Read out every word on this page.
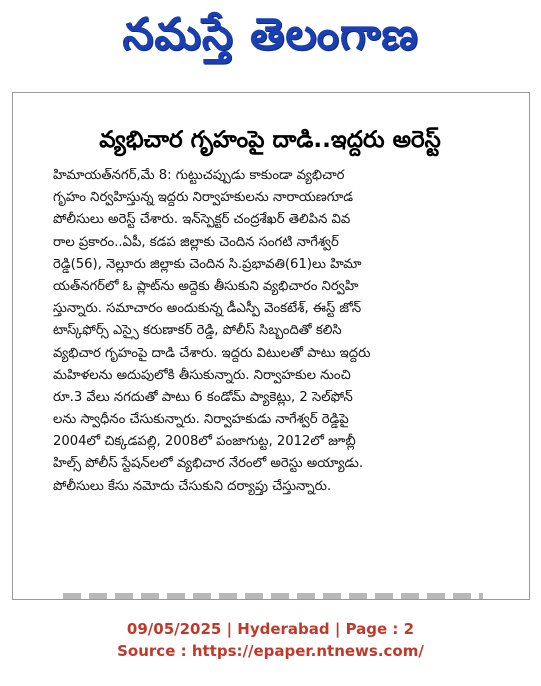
నమస్తే తెలంగాణ
వ్యభిచార గృహంపై దాడి..ఇద్దరు అరెస్ట్
హిమాయత్‌నగర్,మే 8: గుట్టుచప్పుడు కాకుండా వ్యభిచార
గృహం నిర్వహిస్తున్న ఇద్దరు నిర్వాహకులను నారాయణగూడ
పోలీసులు అరెస్ట్ చేశారు. ఇన్‌స్పెక్టర్ చంద్రశేఖర్ తెలిపిన వివ
రాల ప్రకారం..ఏపీ, కడప జిల్లాకు చెందిన సంగటి నాగేశ్వర్
రెడ్డి(56), నెల్లూరు జిల్లాకు చెందిన సి.ప్రభావతి(61)లు హిమా
యత్‌నగర్‌లో ఓ ప్లాట్‌ను అద్దెకు తీసుకుని వ్యభిచారం నిర్వహి
స్తున్నారు. సమాచారం అందుకున్న డీఎస్పీ వెంకటేశ్, ఈస్ట్ జోన్
టాస్క్‌ఫోర్స్ ఎస్సై కరుణాకర్ రెడ్డి, పోలీస్ సిబ్బందితో కలిసి
వ్యభిచార గృహంపై దాడి చేశారు. ఇద్దరు విటులతో పాటు ఇద్దరు
మహిళలను అదుపులోకి తీసుకున్నారు. నిర్వాహకుల నుంచి
రూ.3 వేలు నగదుతో పాటు 6 కండోమ్ ప్యాకెట్లు, 2 సెల్‌ఫోన్
లను స్వాధీనం చేసుకున్నారు. నిర్వాహకుడు నాగేశ్వర్ రెడ్డిపై
2004లో చిక్కడపల్లి, 2008లో పంజాగుట్ట, 2012లో జూబ్లీ
హిల్స్ పోలీస్ స్టేషన్‌లలో వ్యభిచార నేరంలో అరెస్టు అయ్యాడు.
పోలీసులు కేసు నమోదు చేసుకుని దర్యాప్తు చేస్తున్నారు.
09/05/2025 | Hyderabad | Page : 2
Source : https://epaper.ntnews.com/
